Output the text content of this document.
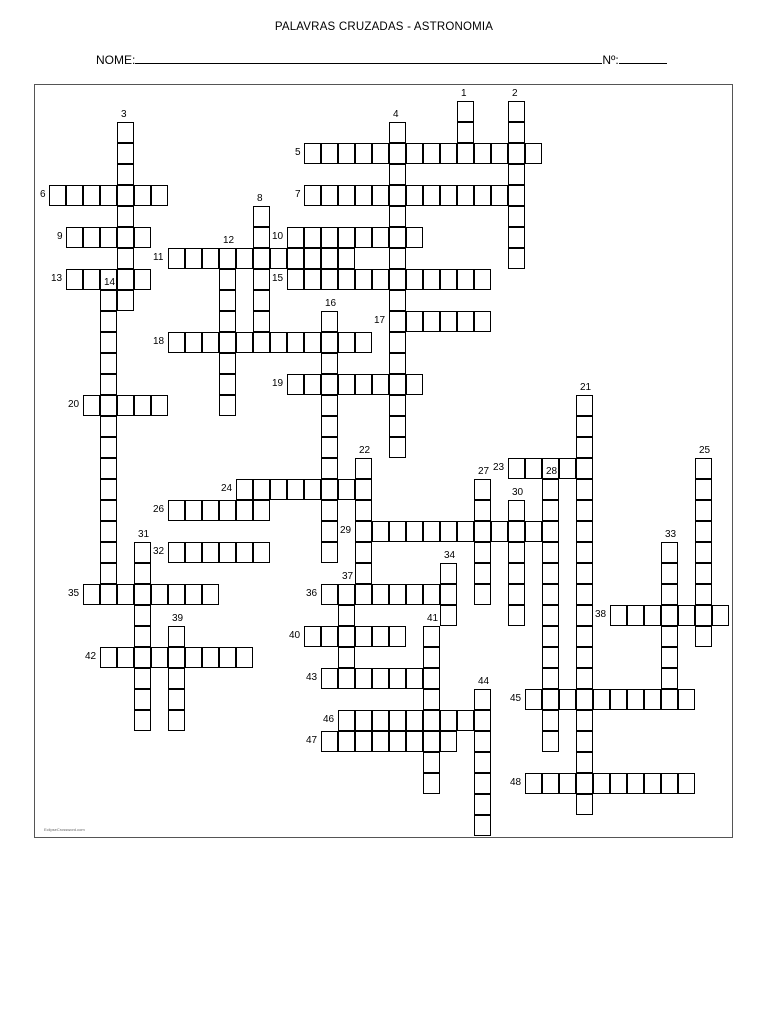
PALAVRAS CRUZADAS - ASTRONOMIA
NOME:	Nº:
5
6	7
9	10
11
13	15
17
18
19
20
23
24
26
29
32
35	36
38
40
42
43
45
46
47
48
1	2
3	4
8
12
14
16
21
22	25
27	28
30
31	33
34
37
39	41
44
EclipseCrossword.com
